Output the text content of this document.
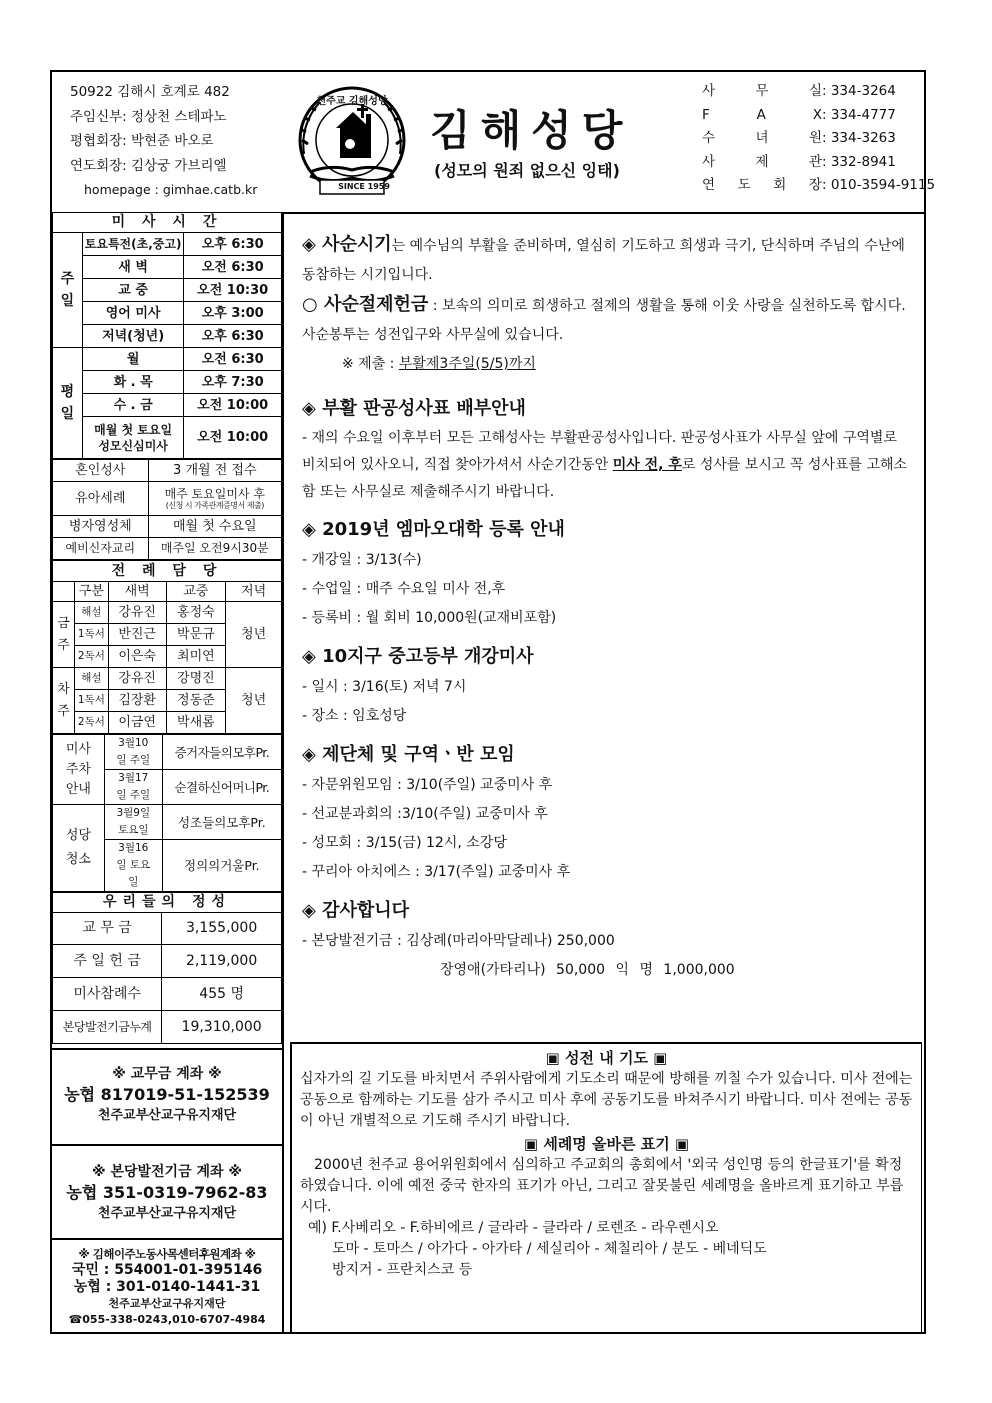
50922 김해시 호계로 482
주임신부: 정상천 스테파노
평협회장: 박현준 바오로
연도회장: 김상궁 가브리엘
homepage : gimhae.catb.kr
천주교 김해성당
SINCE 1959
김해성당
(성모의 원죄 없으신 잉태)
사	무	실 : 334-3264
F	A	X : 334-4777
수	녀	원 : 334-3263
사	제	관 : 332-8941
연 도 회 장 : 010-3594-9115
미 사 시 간		
주
일	토요특전(초,중고)	오후 6:30
	새 벽	오전 6:30
	교 중	오전 10:30
	영어 미사	오후 3:00
	저녁(청년)	오후 6:30
평
일	월	오전 6:30
	화 . 목	오후 7:30
	수 . 금	오전 10:00
	매월 첫 토요일 성모신심미사	오전 10:00
혼인성사	3 개월 전 접수
유아세례	매주 토요일미사 후
(신청 시 가족관계증명서 제출)

병자영성체	매월 첫 수요일
예비신자교리	매주일 오전9시30분
전 례 담 당				
	구분	새벽	교중	저녁
금
주	해설	강유진	홍정숙	청년
	1독서	반진근	박문규	
	2독서	이은숙	최미연	
차
주	해설	강유진	강명진	청년
	1독서	김장환	정동준	
	2독서	이금연	박새롬	
미사 주차 안내	3월10일 주일	증거자들의모후Pr.
	3월17일 주일	순결하신어머니Pr.
성당 청소	3월9일 토요일	성조들의모후Pr.
	3월16일 토요일	정의의거울Pr.
우리들의 정성	
교 무 금	3,155,000
주 일 헌 금	2,119,000
미사참례수	455 명
본당발전기금누계	19,310,000
※ 교무금 계좌 ※
농협 817019-51-152539
천주교부산교구유지재단
※ 본당발전기금 계좌 ※
농협 351-0319-7962-83
천주교부산교구유지재단
※ 김해이주노동사목센터후원계좌 ※
국민 : 554001-01-395146
농협 : 301-0140-1441-31
천주교부산교구유지재단
☎055-338-0243,010-6707-4984
◈ 사순시기는 예수님의 부활을 준비하며, 열심히 기도하고 희생과 극기, 단식하며 주님의 수난에 동참하는 시기입니다.
○ 사순절제헌금 : 보속의 의미로 희생하고 절제의 생활을 통해 이웃 사랑을 실천하도록 합시다. 사순봉투는 성전입구와 사무실에 있습니다.
※ 제출 : 부활제3주일(5/5)까지
◈ 부활 판공성사표 배부안내
- 재의 수요일 이후부터 모든 고해성사는 부활판공성사입니다. 판공성사표가 사무실 앞에 구역별로 비치되어 있사오니, 직접 찾아가셔서 사순기간동안 미사 전, 후로 성사를 보시고 꼭 성사표를 고해소함 또는 사무실로 제출해주시기 바랍니다.
◈ 2019년 엠마오대학 등록 안내
- 개강일 : 3/13(수)
- 수업일 : 매주 수요일 미사 전,후
- 등록비 : 월 회비 10,000원(교재비포함)
◈ 10지구 중고등부 개강미사
- 일시 : 3/16(토) 저녁 7시
- 장소 : 임호성당
◈ 제단체 및 구역ㆍ반 모임
- 자문위원모임 : 3/10(주일) 교중미사 후
- 선교분과회의 :3/10(주일) 교중미사 후
- 성모회 : 3/15(금) 12시, 소강당
- 꾸리아 아치에스 : 3/17(주일) 교중미사 후
◈ 감사합니다
- 본당발전기금 : 김상례(마리아막달레나) 250,000
장영애(가타리나) 50,000 익 명 1,000,000
▣ 성전 내 기도 ▣
십자가의 길 기도를 바치면서 주위사람에게 기도소리 때문에 방해를 끼칠 수가 있습니다. 미사 전에는 공동으로 함께하는 기도를 삼가 주시고 미사 후에 공동기도를 바쳐주시기 바랍니다. 미사 전에는 공동이 아닌 개별적으로 기도해 주시기 바랍니다.
▣ 세례명 올바른 표기 ▣
2000년 천주교 용어위원회에서 심의하고 주교회의 총회에서 '외국 성인명 등의 한글표기'를 확정하였습니다. 이에 예전 중국 한자의 표기가 아닌, 그리고 잘못불린 세례명을 올바르게 표기하고 부릅시다.
예) F.사베리오 - F.하비에르 / 글라라 - 클라라 / 로렌조 - 라우렌시오
도마 - 토마스 / 아가다 - 아가타 / 세실리아 - 체칠리아 / 분도 - 베네딕도
방지거 - 프란치스코 등
